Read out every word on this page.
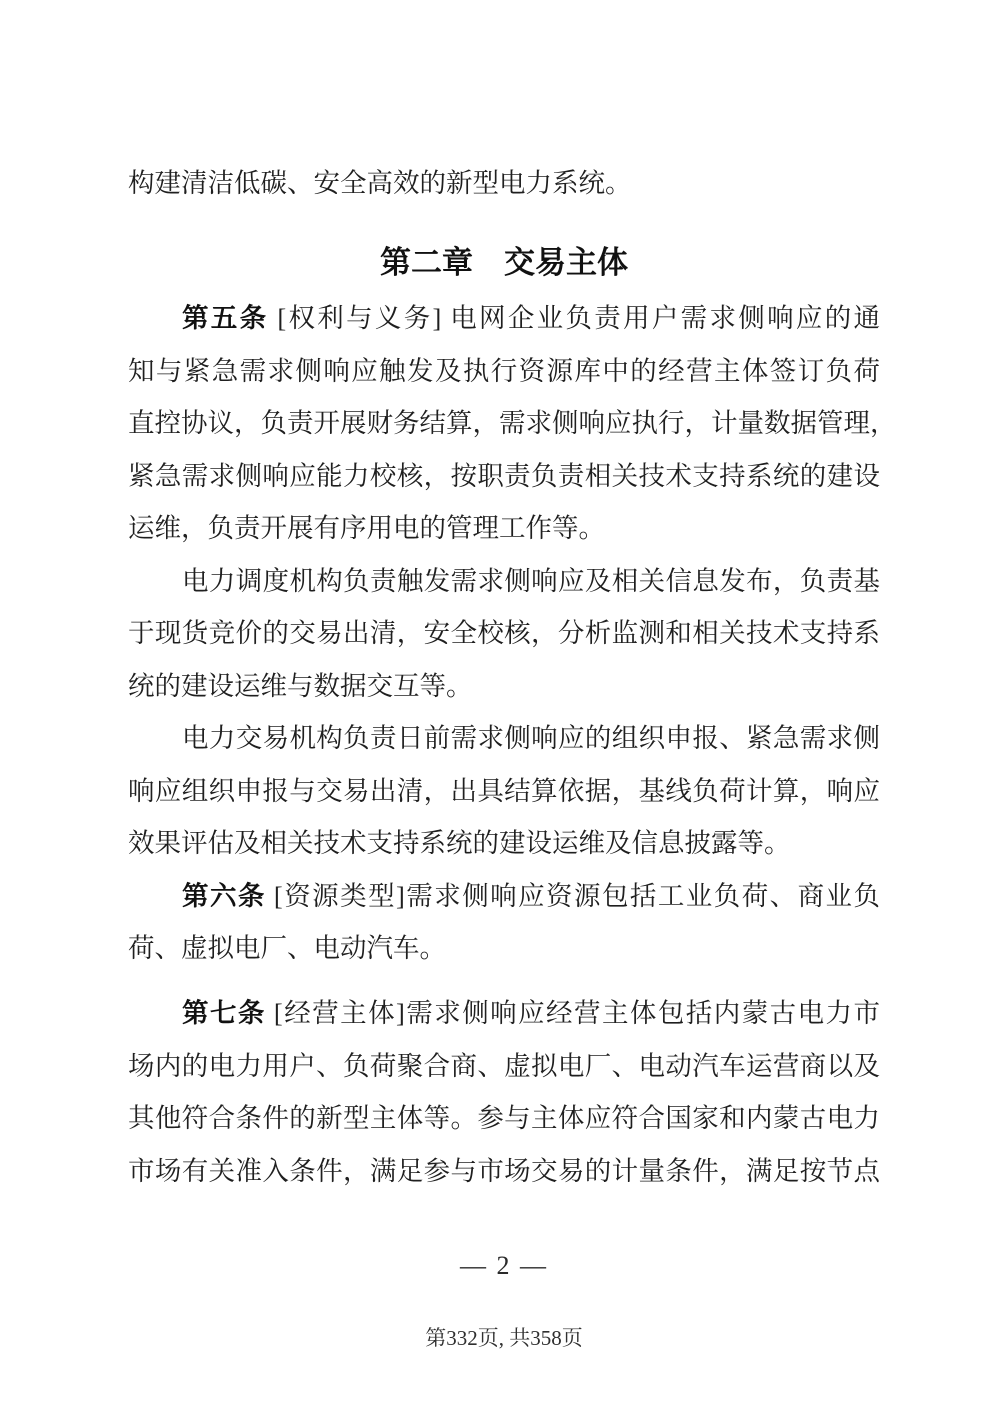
构建清洁低碳、安全高效的新型电力系统。
第二章　交易主体
第五条 [权利与义务] 电网企业负责用户需求侧响应的通
知与紧急需求侧响应触发及执行资源库中的经营主体签订负荷
直控协议，负责开展财务结算，需求侧响应执行，计量数据管理，
紧急需求侧响应能力校核，按职责负责相关技术支持系统的建设
运维，负责开展有序用电的管理工作等。
电力调度机构负责触发需求侧响应及相关信息发布，负责基
于现货竞价的交易出清，安全校核，分析监测和相关技术支持系
统的建设运维与数据交互等。
电力交易机构负责日前需求侧响应的组织申报、紧急需求侧
响应组织申报与交易出清，出具结算依据，基线负荷计算，响应
效果评估及相关技术支持系统的建设运维及信息披露等。
第六条 [资源类型]需求侧响应资源包括工业负荷、商业负
荷、虚拟电厂、电动汽车。
第七条 [经营主体]需求侧响应经营主体包括内蒙古电力市
场内的电力用户、负荷聚合商、虚拟电厂、电动汽车运营商以及
其他符合条件的新型主体等。参与主体应符合国家和内蒙古电力
市场有关准入条件，满足参与市场交易的计量条件，满足按节点
— 2 —
第332页, 共358页
